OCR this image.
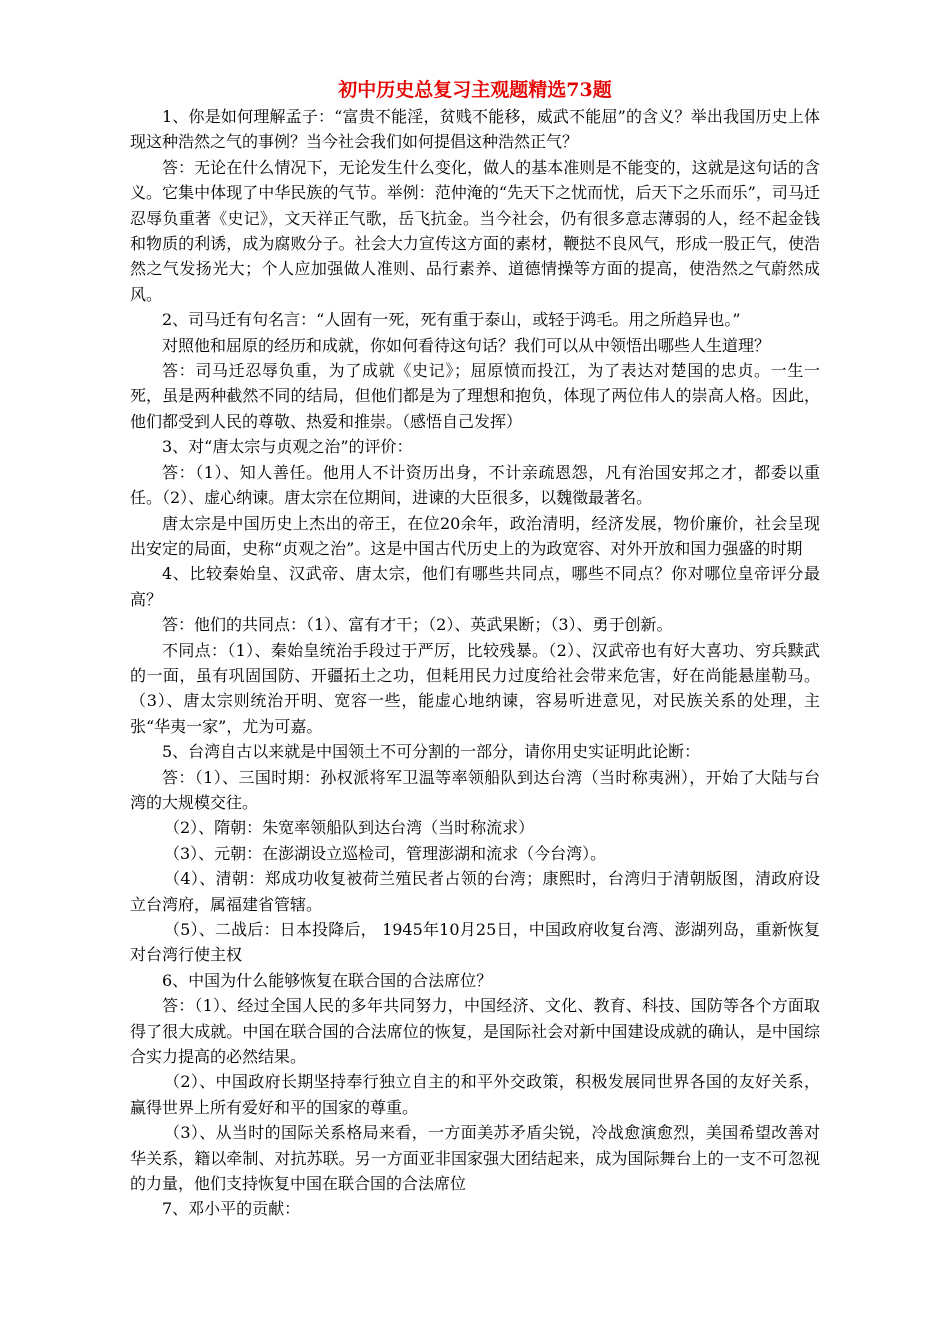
初中历史总复习主观题精选73题

1、你是如何理解孟子：“富贵不能淫，贫贱不能移，威武不能屈”的含义？举出我国历史上体现这种浩然之气的事例？当今社会我们如何提倡这种浩然正气？

答：无论在什么情况下，无论发生什么变化，做人的基本准则是不能变的，这就是这句话的含义。它集中体现了中华民族的气节。举例：范仲淹的“先天下之忧而忧，后天下之乐而乐”，司马迁忍辱负重著《史记》，文天祥正气歌，岳飞抗金。当今社会，仍有很多意志薄弱的人，经不起金钱和物质的利诱，成为腐败分子。社会大力宣传这方面的素材，鞭挞不良风气，形成一股正气，使浩然之气发扬光大；个人应加强做人准则、品行素养、道德情操等方面的提高，使浩然之气蔚然成风。

2、司马迁有句名言：“人固有一死，死有重于泰山，或轻于鸿毛。用之所趋异也。”

对照他和屈原的经历和成就，你如何看待这句话？我们可以从中领悟出哪些人生道理？

答：司马迁忍辱负重，为了成就《史记》；屈原愤而投江，为了表达对楚国的忠贞。一生一死，虽是两种截然不同的结局，但他们都是为了理想和抱负，体现了两位伟人的崇高人格。因此，他们都受到人民的尊敬、热爱和推崇。（感悟自己发挥）

3、对“唐太宗与贞观之治”的评价：

答：（1）、知人善任。他用人不计资历出身，不计亲疏恩怨，凡有治国安邦之才，都委以重任。（2）、虚心纳谏。唐太宗在位期间，进谏的大臣很多，以魏徵最著名。

唐太宗是中国历史上杰出的帝王，在位20余年，政治清明，经济发展，物价廉价，社会呈现出安定的局面，史称“贞观之治”。这是中国古代历史上的为政宽容、对外开放和国力强盛的时期

4、比较秦始皇、汉武帝、唐太宗，他们有哪些共同点，哪些不同点？你对哪位皇帝评分最高？

答：他们的共同点：（1）、富有才干；（2）、英武果断；（3）、勇于创新。

不同点：（1）、秦始皇统治手段过于严厉，比较残暴。（2）、汉武帝也有好大喜功、穷兵黩武的一面，虽有巩固国防、开疆拓土之功，但耗用民力过度给社会带来危害，好在尚能悬崖勒马。（3）、唐太宗则统治开明、宽容一些，能虚心地纳谏，容易听进意见，对民族关系的处理，主张“华夷一家”，尤为可嘉。

5、台湾自古以来就是中国领土不可分割的一部分，请你用史实证明此论断：

答：（1）、三国时期：孙权派将军卫温等率领船队到达台湾（当时称夷洲），开始了大陆与台湾的大规模交往。

（2）、隋朝：朱宽率领船队到达台湾（当时称流求）

（3）、元朝：在澎湖设立巡检司，管理澎湖和流求（今台湾）。

（4）、清朝：郑成功收复被荷兰殖民者占领的台湾；康熙时，台湾归于清朝版图，清政府设立台湾府，属福建省管辖。

（5）、二战后：日本投降后， 1945年10月25日，中国政府收复台湾、澎湖列岛，重新恢复对台湾行使主权

6、中国为什么能够恢复在联合国的合法席位？

答：（1）、经过全国人民的多年共同努力，中国经济、文化、教育、科技、国防等各个方面取得了很大成就。中国在联合国的合法席位的恢复，是国际社会对新中国建设成就的确认，是中国综合实力提高的必然结果。

（2）、中国政府长期坚持奉行独立自主的和平外交政策，积极发展同世界各国的友好关系，赢得世界上所有爱好和平的国家的尊重。

（3）、从当时的国际关系格局来看，一方面美苏矛盾尖锐，冷战愈演愈烈，美国希望改善对华关系，籍以牵制、对抗苏联。另一方面亚非国家强大团结起来，成为国际舞台上的一支不可忽视的力量，他们支持恢复中国在联合国的合法席位

7、邓小平的贡献：
